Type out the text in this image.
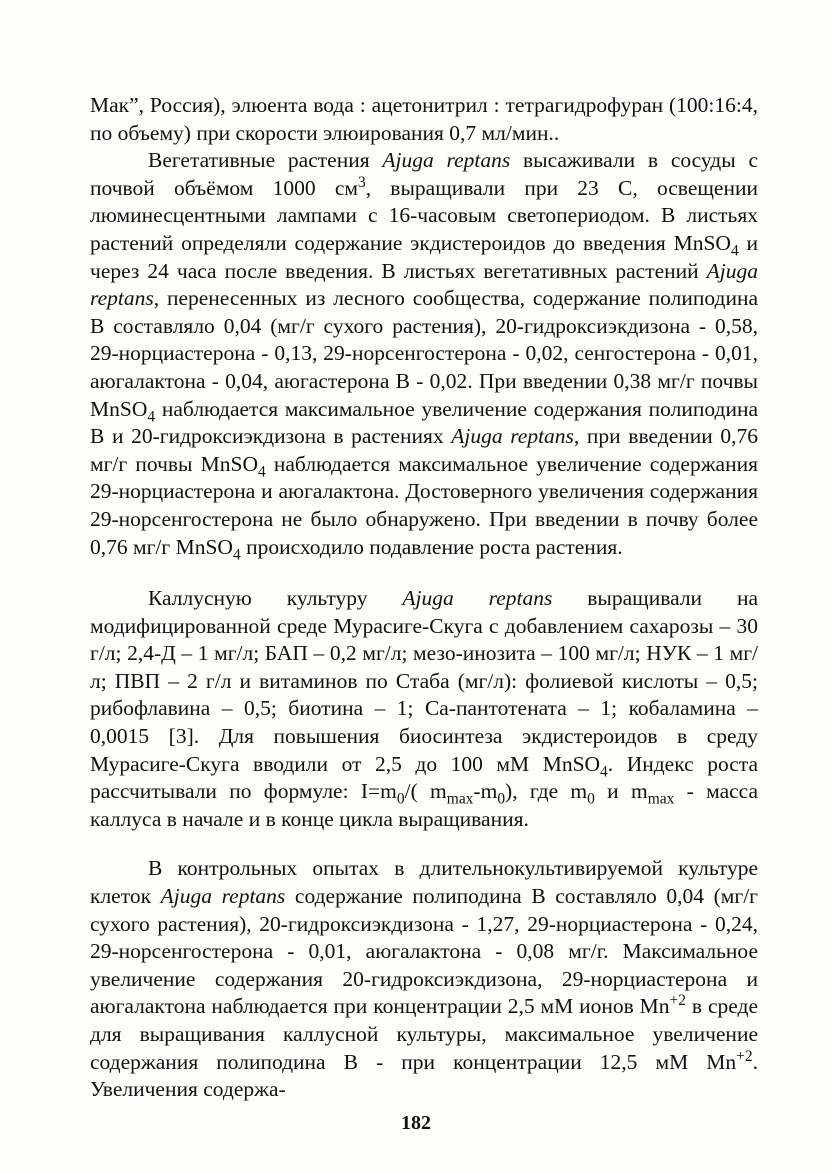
Мак”, Россия), элюента вода : ацетонитрил : тетрагидрофуран (100:16:4, по объему) при скорости элюирования 0,7 мл/мин..

Вегетативные растения Ajuga reptans высаживали в сосуды с почвой объёмом 1000 $см^3$, выращивали при 23 С, освещении люминесцентными лампами с 16-часовым светопериодом. В листьях растений определяли содержание экдистероидов до введения MnSO$_4$ и через 24 часа после введения. В листьях вегетативных растений Ajuga reptans, перенесенных из лесного сообщества, содержание полиподина В составляло 0,04 (мг/г сухого растения), 20-гидроксиэкдизона - 0,58, 29-норциастерона - 0,13, 29-норсенгостерона - 0,02, сенгостерона - 0,01, аюгалактона - 0,04, аюгастерона В - 0,02. При введении 0,38 мг/г почвы MnSO$_4$ наблюдается максимальное увеличение содержания полиподина В и 20-гидроксиэкдизона в растениях Ajuga reptans, при введении 0,76 мг/г почвы MnSO$_4$ наблюдается максимальное увеличение содержания 29-норциастерона и аюгалактона. Достоверного увеличения содержания 29-норсенгостерона не было обнаружено. При введении в почву более 0,76 мг/г MnSO$_4$ происходило подавление роста растения.

Каллусную культуру Ajuga reptans выращивали на модифицированной среде Мурасиге-Скуга с добавлением сахарозы – 30 г/л; 2,4-Д – 1 мг/л; БАП – 0,2 мг/л; мезо-инозита – 100 мг/л; НУК – 1 мг/л; ПВП – 2 г/л и витаминов по Стаба (мг/л): фолиевой кислоты – 0,5; рибофлавина – 0,5; биотина – 1; Са-пантотената – 1; кобаламина – 0,0015 [3]. Для повышения биосинтеза экдистероидов в среду Мурасиге-Скуга вводили от 2,5 до 100 мМ MnSO$_4$. Индекс роста рассчитывали по формуле: $I=m_0/$( $m_{max}-m_0$), где $m_0$ и $m_{max}$ - масса каллуса в начале и в конце цикла выращивания.

В контрольных опытах в длительнокультивируемой культуре клеток Ajuga reptans содержание полиподина В составляло 0,04 (мг/г сухого растения), 20-гидроксиэкдизона - 1,27, 29-норциастерона - 0,24, 29-норсенгостерона - 0,01, аюгалактона - 0,08 мг/г. Максимальное увеличение содержания 20-гидроксиэкдизона, 29-норциастерона и аюгалактона наблюдается при концентрации 2,5 мМ ионов $Mn^{+2}$ в среде для выращивания каллусной культуры, максимальное увеличение содержания полиподина В - при концентрации 12,5 мМ $Mn^{+2}$. Увеличения содержа-

182
